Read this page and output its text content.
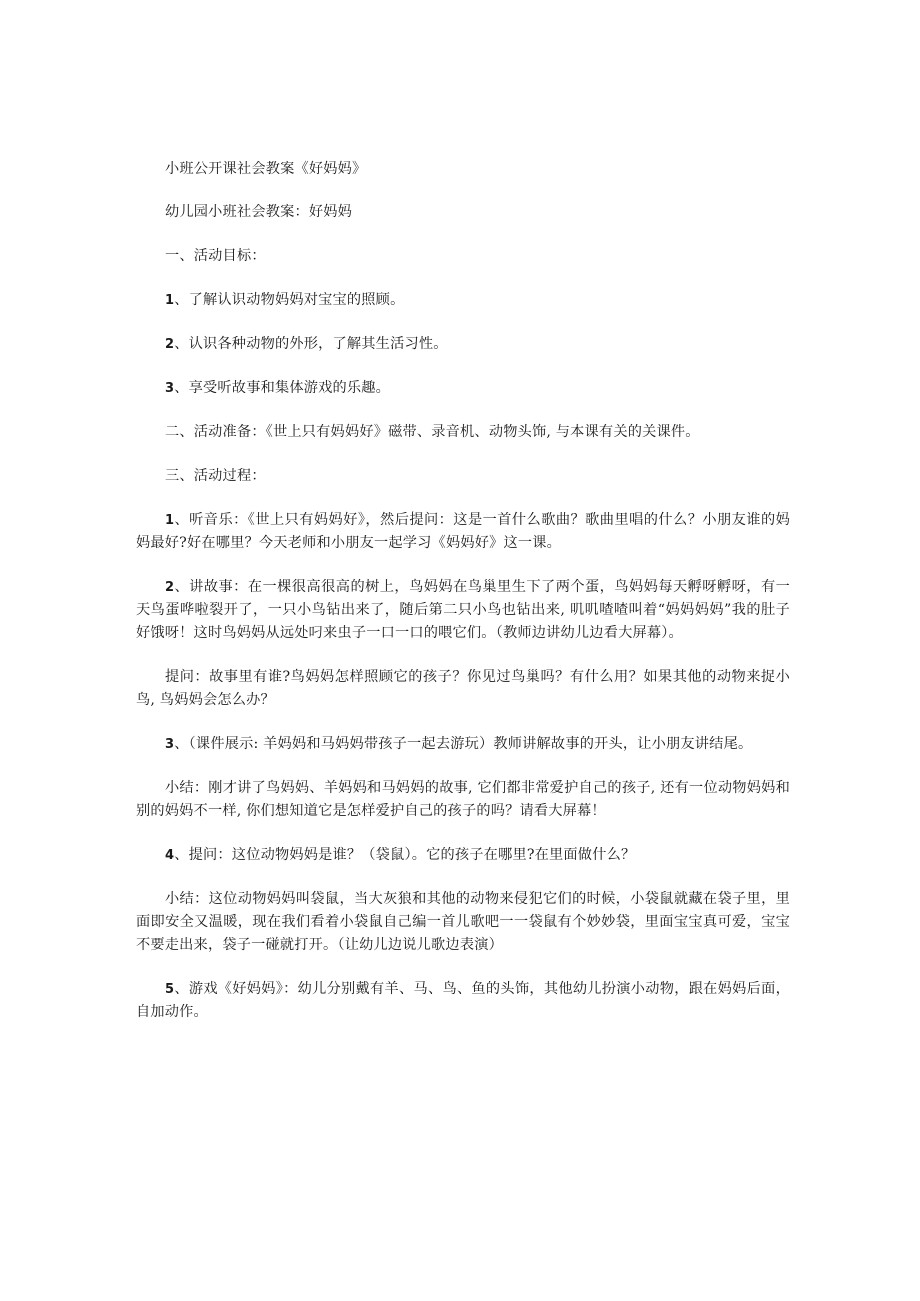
小班公开课社会教案《好妈妈》

幼儿园小班社会教案：好妈妈

一、活动目标：

1、了解认识动物妈妈对宝宝的照顾。

2、认识各种动物的外形，了解其生活习性。

3、享受听故事和集体游戏的乐趣。

二、活动准备：《世上只有妈妈好》磁带、录音机、动物头饰, 与本课有关的关课件。

三、活动过程：

1、听音乐：《世上只有妈妈好》，然后提问：这是一首什么歌曲？歌曲里唱的什么？小朋友谁的妈妈最好?好在哪里？今天老师和小朋友一起学习《妈妈好》这一课。

2、讲故事：在一棵很高很高的树上，鸟妈妈在鸟巢里生下了两个蛋，鸟妈妈每天孵呀孵呀，有一天鸟蛋哗啦裂开了，一只小鸟钻出来了，随后第二只小鸟也钻出来, 叽叽喳喳叫着“妈妈妈妈”我的肚子好饿呀！这时鸟妈妈从远处叼来虫子一口一口的喂它们。（教师边讲幼儿边看大屏幕）。

提问：故事里有谁?鸟妈妈怎样照顾它的孩子？你见过鸟巢吗？有什么用？如果其他的动物来捉小鸟, 鸟妈妈会怎么办？

3、（课件展示: 羊妈妈和马妈妈带孩子一起去游玩）教师讲解故事的开头，让小朋友讲结尾。

小结：刚才讲了鸟妈妈、羊妈妈和马妈妈的故事, 它们都非常爱护自己的孩子, 还有一位动物妈妈和别的妈妈不一样, 你们想知道它是怎样爱护自己的孩子的吗？请看大屏幕！

4、提问：这位动物妈妈是谁？（袋鼠）。它的孩子在哪里?在里面做什么？

小结：这位动物妈妈叫袋鼠，当大灰狼和其他的动物来侵犯它们的时候，小袋鼠就藏在袋子里，里面即安全又温暖，现在我们看着小袋鼠自己编一首儿歌吧一一袋鼠有个妙妙袋，里面宝宝真可爱，宝宝不要走出来，袋子一碰就打开。（让幼儿边说儿歌边表演）

5、游戏《好妈妈》：幼儿分别戴有羊、马、鸟、鱼的头饰，其他幼儿扮演小动物，跟在妈妈后面，自加动作。
